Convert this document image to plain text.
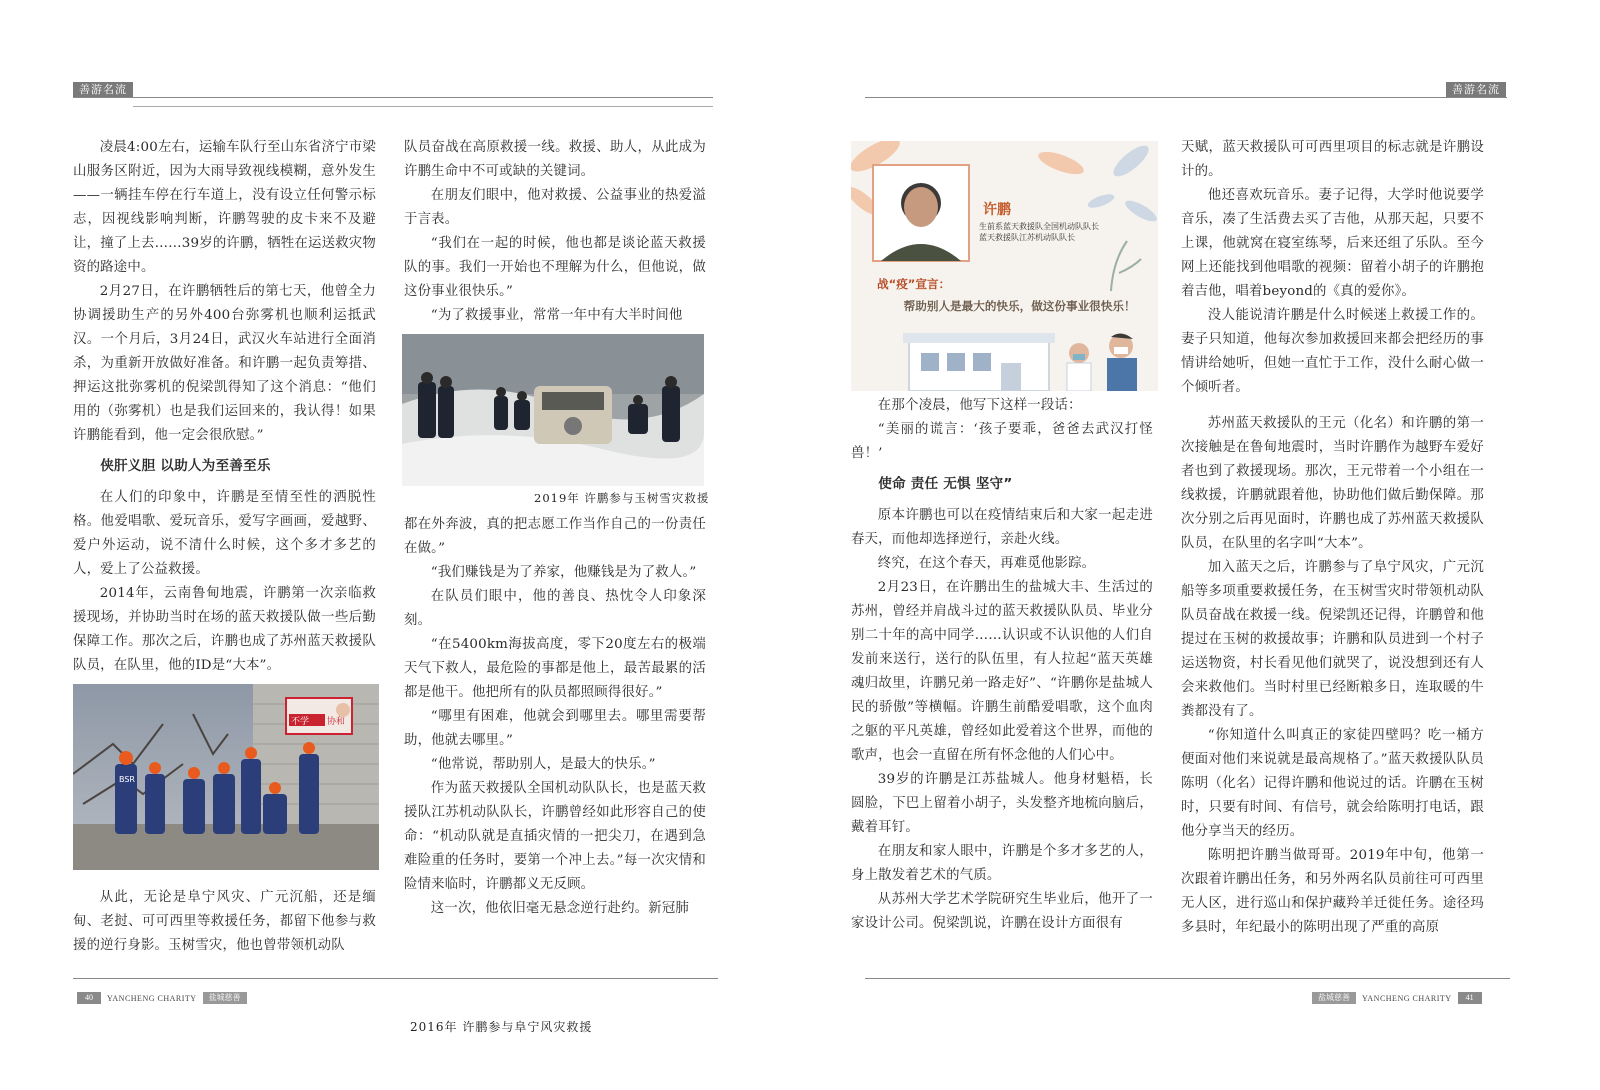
善游名流

凌晨4:00左右，运输车队行至山东省济宁市梁山服务区附近，因为大雨导致视线模糊，意外发生——一辆挂车停在行车道上，没有设立任何警示标志，因视线影响判断，许鹏驾驶的皮卡来不及避让，撞了上去……39岁的许鹏，牺牲在运送救灾物资的路途中。

2月27日，在许鹏牺牲后的第七天，他曾全力协调援助生产的另外400台弥雾机也顺利运抵武汉。一个月后，3月24日，武汉火车站进行全面消杀，为重新开放做好准备。和许鹏一起负责筹措、押运这批弥雾机的倪梁凯得知了这个消息：“他们用的（弥雾机）也是我们运回来的，我认得！如果许鹏能看到，他一定会很欣慰。”

侠肝义胆 以助人为至善至乐

在人们的印象中，许鹏是至情至性的洒脱性格。他爱唱歌、爱玩音乐，爱写字画画，爱越野、爱户外运动，说不清什么时候，这个多才多艺的人，爱上了公益救援。

2014年，云南鲁甸地震，许鹏第一次亲临救援现场，并协助当时在场的蓝天救援队做一些后勤保障工作。那次之后，许鹏也成了苏州蓝天救援队队员，在队里，他的ID是“大本”。

不学 协和
BSR

从此，无论是阜宁风灾、广元沉船，还是缅甸、老挝、可可西里等救援任务，都留下他参与救援的逆行身影。玉树雪灾，他也曾带领机动队

队员奋战在高原救援一线。救援、助人，从此成为许鹏生命中不可或缺的关键词。

在朋友们眼中，他对救援、公益事业的热爱溢于言表。

“我们在一起的时候，他也都是谈论蓝天救援队的事。我们一开始也不理解为什么，但他说，做这份事业很快乐。”

“为了救援事业，常常一年中有大半时间他

2019年 许鹏参与玉树雪灾救援

都在外奔波，真的把志愿工作当作自己的一份责任在做。”

“我们赚钱是为了养家，他赚钱是为了救人。”

在队员们眼中，他的善良、热忱令人印象深刻。

“在5400km海拔高度，零下20度左右的极端天气下救人，最危险的事都是他上，最苦最累的活都是他干。他把所有的队员都照顾得很好。”

“哪里有困难，他就会到哪里去。哪里需要帮助，他就去哪里。”

“他常说，帮助别人，是最大的快乐。”

作为蓝天救援队全国机动队队长，也是蓝天救援队江苏机动队队长，许鹏曾经如此形容自己的使命：“机动队就是直插灾情的一把尖刀，在遇到急难险重的任务时，要第一个冲上去。”每一次灾情和险情来临时，许鹏都义无反顾。

这一次，他依旧毫无悬念逆行赴约。新冠肺

40	YANCHENG CHARITY	盐城慈善
2016年 许鹏参与阜宁风灾救援
善游名流
许鹏
生前系蓝天救援队全国机动队队长
蓝天救援队江苏机动队队长
战“疫”宣言：
帮助别人是最大的快乐，做这份事业很快乐！

在那个凌晨，他写下这样一段话：

“美丽的谎言：‘孩子要乖，爸爸去武汉打怪兽！’

使命 责任 无惧 坚守”

原本许鹏也可以在疫情结束后和大家一起走进春天，而他却选择逆行，亲赴火线。

终究，在这个春天，再难觅他影踪。

2月23日，在许鹏出生的盐城大丰、生活过的苏州，曾经并肩战斗过的蓝天救援队队员、毕业分别二十年的高中同学……认识或不认识他的人们自发前来送行，送行的队伍里，有人拉起“蓝天英雄魂归故里，许鹏兄弟一路走好”、“许鹏你是盐城人民的骄傲”等横幅。许鹏生前酷爱唱歌，这个血肉之躯的平凡英雄，曾经如此爱着这个世界，而他的歌声，也会一直留在所有怀念他的人们心中。

39岁的许鹏是江苏盐城人。他身材魁梧，长圆脸，下巴上留着小胡子，头发整齐地梳向脑后，戴着耳钉。

在朋友和家人眼中，许鹏是个多才多艺的人，身上散发着艺术的气质。

从苏州大学艺术学院研究生毕业后，他开了一家设计公司。倪梁凯说，许鹏在设计方面很有

天赋，蓝天救援队可可西里项目的标志就是许鹏设计的。

他还喜欢玩音乐。妻子记得，大学时他说要学音乐，凑了生活费去买了吉他，从那天起，只要不上课，他就窝在寝室练琴，后来还组了乐队。至今网上还能找到他唱歌的视频：留着小胡子的许鹏抱着吉他，唱着beyond的《真的爱你》。

没人能说清许鹏是什么时候迷上救援工作的。妻子只知道，他每次参加救援回来都会把经历的事情讲给她听，但她一直忙于工作，没什么耐心做一个倾听者。

苏州蓝天救援队的王元（化名）和许鹏的第一次接触是在鲁甸地震时，当时许鹏作为越野车爱好者也到了救援现场。那次，王元带着一个小组在一线救援，许鹏就跟着他，协助他们做后勤保障。那次分别之后再见面时，许鹏也成了苏州蓝天救援队队员，在队里的名字叫“大本”。

加入蓝天之后，许鹏参与了阜宁风灾，广元沉船等多项重要救援任务，在玉树雪灾时带领机动队队员奋战在救援一线。倪梁凯还记得，许鹏曾和他提过在玉树的救援故事；许鹏和队员进到一个村子运送物资，村长看见他们就哭了，说没想到还有人会来救他们。当时村里已经断粮多日，连取暖的牛粪都没有了。

“你知道什么叫真正的家徒四壁吗？吃一桶方便面对他们来说就是最高规格了。”蓝天救援队队员陈明（化名）记得许鹏和他说过的话。许鹏在玉树时，只要有时间、有信号，就会给陈明打电话，跟他分享当天的经历。

陈明把许鹏当做哥哥。2019年中旬，他第一次跟着许鹏出任务，和另外两名队员前往可可西里无人区，进行巡山和保护藏羚羊迁徙任务。途径玛多县时，年纪最小的陈明出现了严重的高原

盐城慈善	YANCHENG CHARITY	41
